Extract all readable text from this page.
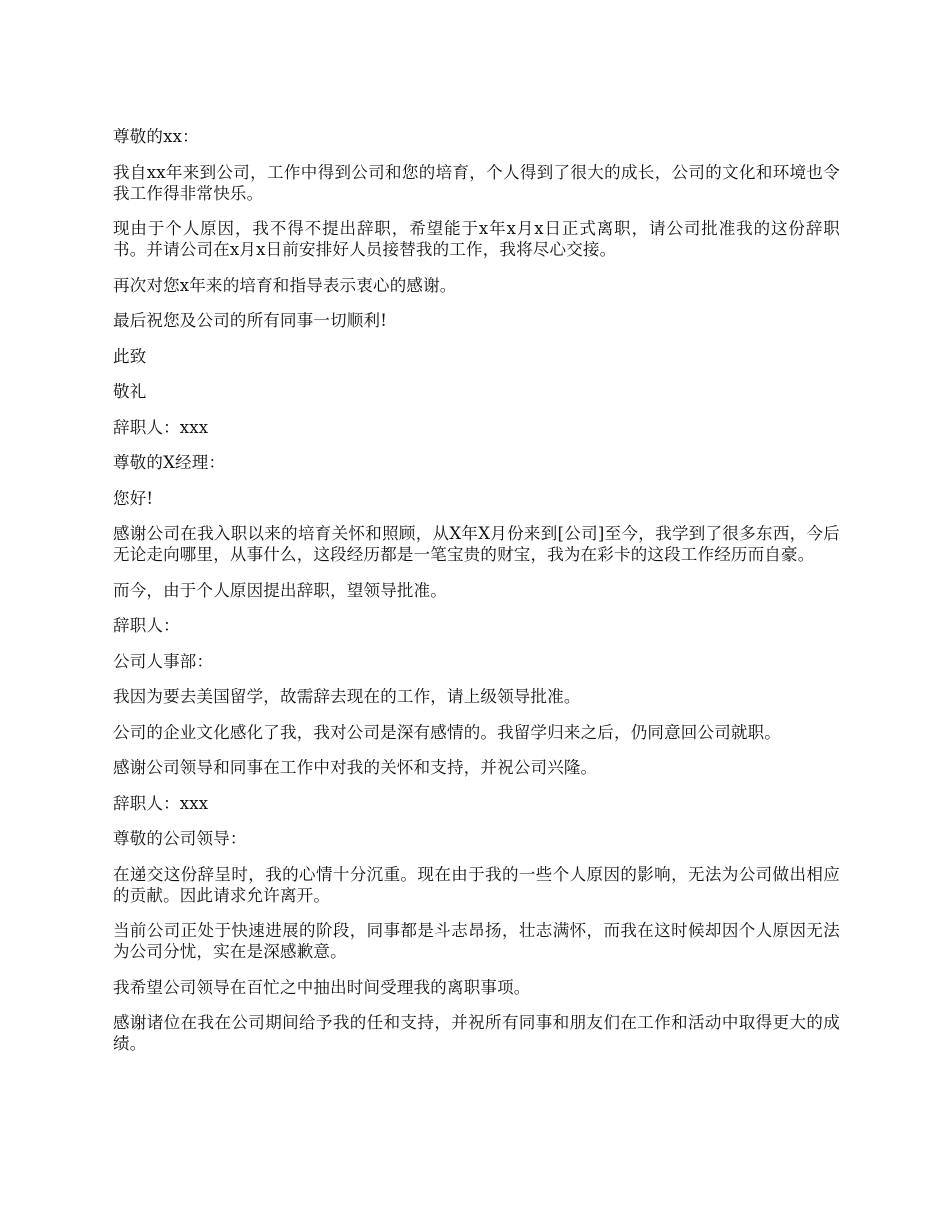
尊敬的xx：

我自xx年来到公司，工作中得到公司和您的培育，个人得到了很大的成长，公司的文化和环境也令我工作得非常快乐。

现由于个人原因，我不得不提出辞职，希望能于x年x月x日正式离职，请公司批准我的这份辞职书。并请公司在x月x日前安排好人员接替我的工作，我将尽心交接。

再次对您x年来的培育和指导表示衷心的感谢。

最后祝您及公司的所有同事一切顺利!

此致

敬礼

辞职人：xxx

尊敬的X经理：

您好!

感谢公司在我入职以来的培育关怀和照顾，从X年X月份来到[公司]至今，我学到了很多东西，今后无论走向哪里，从事什么，这段经历都是一笔宝贵的财宝，我为在彩卡的这段工作经历而自豪。

而今，由于个人原因提出辞职，望领导批准。

辞职人：

公司人事部：

我因为要去美国留学，故需辞去现在的工作，请上级领导批准。

公司的企业文化感化了我，我对公司是深有感情的。我留学归来之后，仍同意回公司就职。

感谢公司领导和同事在工作中对我的关怀和支持，并祝公司兴隆。

辞职人：xxx

尊敬的公司领导：

在递交这份辞呈时，我的心情十分沉重。现在由于我的一些个人原因的影响，无法为公司做出相应的贡献。因此请求允许离开。

当前公司正处于快速进展的阶段，同事都是斗志昂扬，壮志满怀，而我在这时候却因个人原因无法为公司分忧，实在是深感歉意。

我希望公司领导在百忙之中抽出时间受理我的离职事项。

感谢诸位在我在公司期间给予我的任和支持，并祝所有同事和朋友们在工作和活动中取得更大的成绩。
